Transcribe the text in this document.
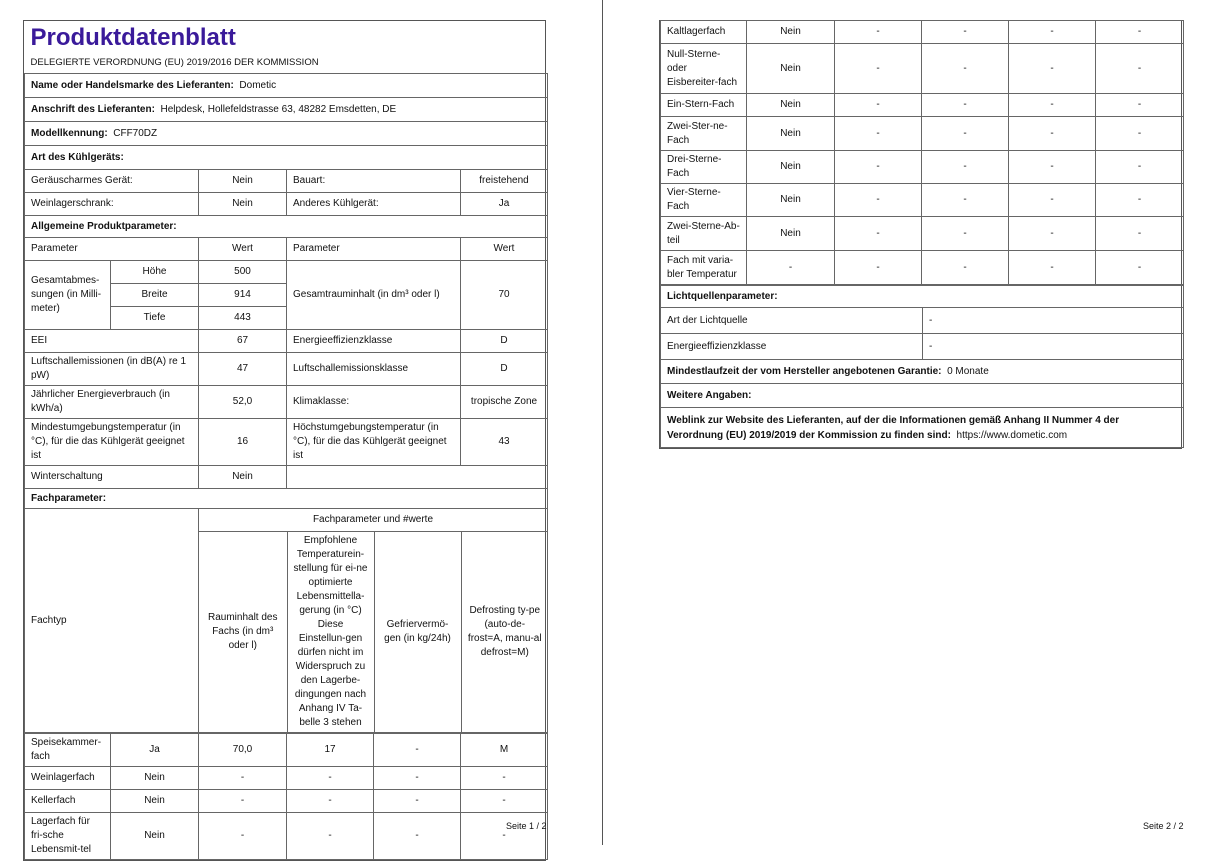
Produktdatenblatt
DELEGIERTE VERORDNUNG (EU) 2019/2016 DER KOMMISSION

Name oder Handelsmarke des Lieferanten: Dometic
Anschrift des Lieferanten: Helpdesk, Hollefeldstrasse 63, 48282 Emsdetten, DE
Modellkennung: CFF70DZ
Art des Kühlgeräts:
Geräuscharmes Gerät:	Nein	Bauart:	freistehend
Weinlagerschrank:	Nein	Anderes Kühlgerät:	Ja
Allgemeine Produktparameter:
Parameter	Wert	Parameter	Wert
Gesamtabmes-sungen (in Milli-meter)	Höhe	500	Gesamtrauminhalt (in dm³ oder l)	70
Breite	914
Tiefe	443
EEI	67	Energieeffizienzklasse	D
Luftschallemissionen (in dB(A) re 1 pW)	47	Luftschallemissionsklasse	D
Jährlicher Energieverbrauch (in kWh/a)	52,0	Klimaklasse:	tropische Zone
Mindestumgebungstemperatur (in °C), für die das Kühlgerät geeignet ist	16	Höchstumgebungstemperatur (in °C), für die das Kühlgerät geeignet ist	43
Winterschaltung	Nein	
Fachparameter:
Fachtyp	Fachparameter und #werte

Rauminhalt des Fachs (in dm³ oder l)	Empfohlene Temperaturein-stellung für ei-ne optimierte Lebensmittella-gerung (in °C) Diese Einstellun-gen dürfen nicht im Widerspruch zu den Lagerbe-dingungen nach Anhang IV Ta-belle 3 stehen	Gefriervermö-gen (in kg/24h)	Defrosting ty-pe (auto-de-frost=A, manu-al defrost=M)
Speisekammer-fach	Ja	70,0	17	-	M
Weinlagerfach	Nein	-	-	-	-
Kellerfach	Nein	-	-	-	-
Lagerfach für fri-sche Lebensmit-tel	Nein	-	-	-	-
Seite 1 / 2
Kaltlagerfach	Nein	-	-	-	-
Null-Sterne- oder Eisbereiter-fach	Nein	-	-	-	-
Ein-Stern-Fach	Nein	-	-	-	-
Zwei-Ster-ne-Fach	Nein	-	-	-	-
Drei-Sterne-Fach	Nein	-	-	-	-
Vier-Sterne-Fach	Nein	-	-	-	-
Zwei-Sterne-Ab-teil	Nein	-	-	-	-
Fach mit varia-bler Temperatur	-	-	-	-	-
Lichtquellenparameter:	
Art der Lichtquelle	-
Energieeffizienzklasse	-
Mindestlaufzeit der vom Hersteller angebotenen Garantie: 0 Monate	
Weitere Angaben:	
Weblink zur Website des Lieferanten, auf der die Informationen gemäß Anhang II Nummer 4 der Verordnung (EU) 2019/2019 der Kommission zu finden sind: https://www.dometic.com	
Seite 2 / 2
